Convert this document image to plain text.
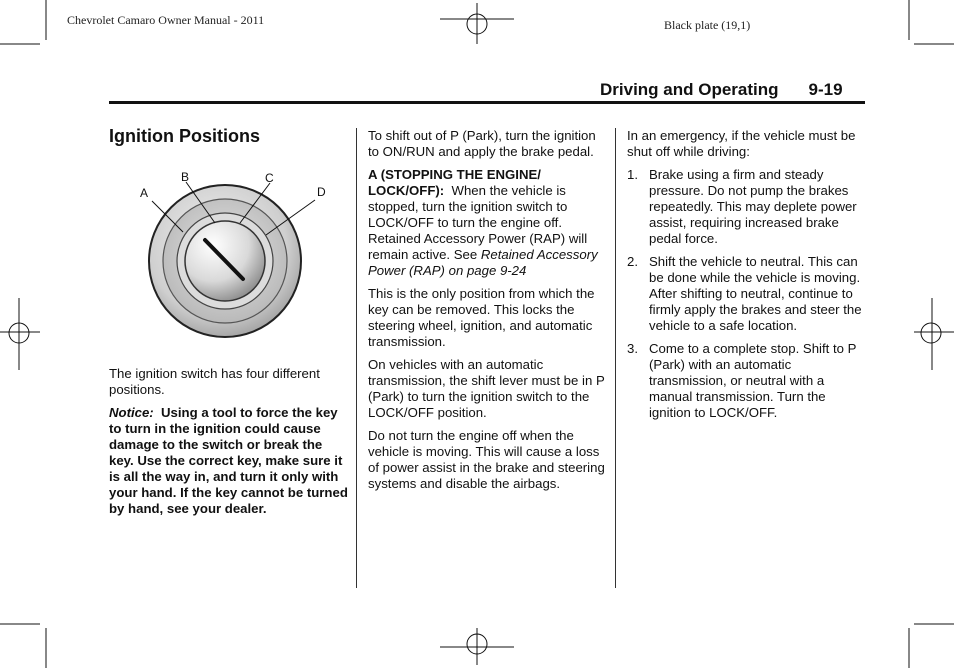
Chevrolet Camaro Owner Manual - 2011	Black plate (19,1)
Driving and Operating 9-19
Ignition Positions
A
B	C
D

The ignition switch has four different positions.

Notice: Using a tool to force the key to turn in the ignition could cause damage to the switch or break the key. Use the correct key, make sure it is all the way in, and turn it only with your hand. If the key cannot be turned by hand, see your dealer.

To shift out of P (Park), turn the ignition to ON/RUN and apply the brake pedal.

A (STOPPING THE ENGINE/ LOCK/OFF): When the vehicle is stopped, turn the ignition switch to LOCK/OFF to turn the engine off. Retained Accessory Power (RAP) will remain active. See Retained Accessory Power (RAP) on page 9-24

This is the only position from which the key can be removed. This locks the steering wheel, ignition, and automatic transmission.

On vehicles with an automatic transmission, the shift lever must be in P (Park) to turn the ignition switch to the LOCK/OFF position.

Do not turn the engine off when the vehicle is moving. This will cause a loss of power assist in the brake and steering systems and disable the airbags.

In an emergency, if the vehicle must be shut off while driving:

1. Brake using a firm and steady pressure. Do not pump the brakes repeatedly. This may deplete power assist, requiring increased brake pedal force.
2. Shift the vehicle to neutral. This can be done while the vehicle is moving. After shifting to neutral, continue to firmly apply the brakes and steer the vehicle to a safe location.
3. Come to a complete stop. Shift to P (Park) with an automatic transmission, or neutral with a manual transmission. Turn the ignition to LOCK/OFF.
